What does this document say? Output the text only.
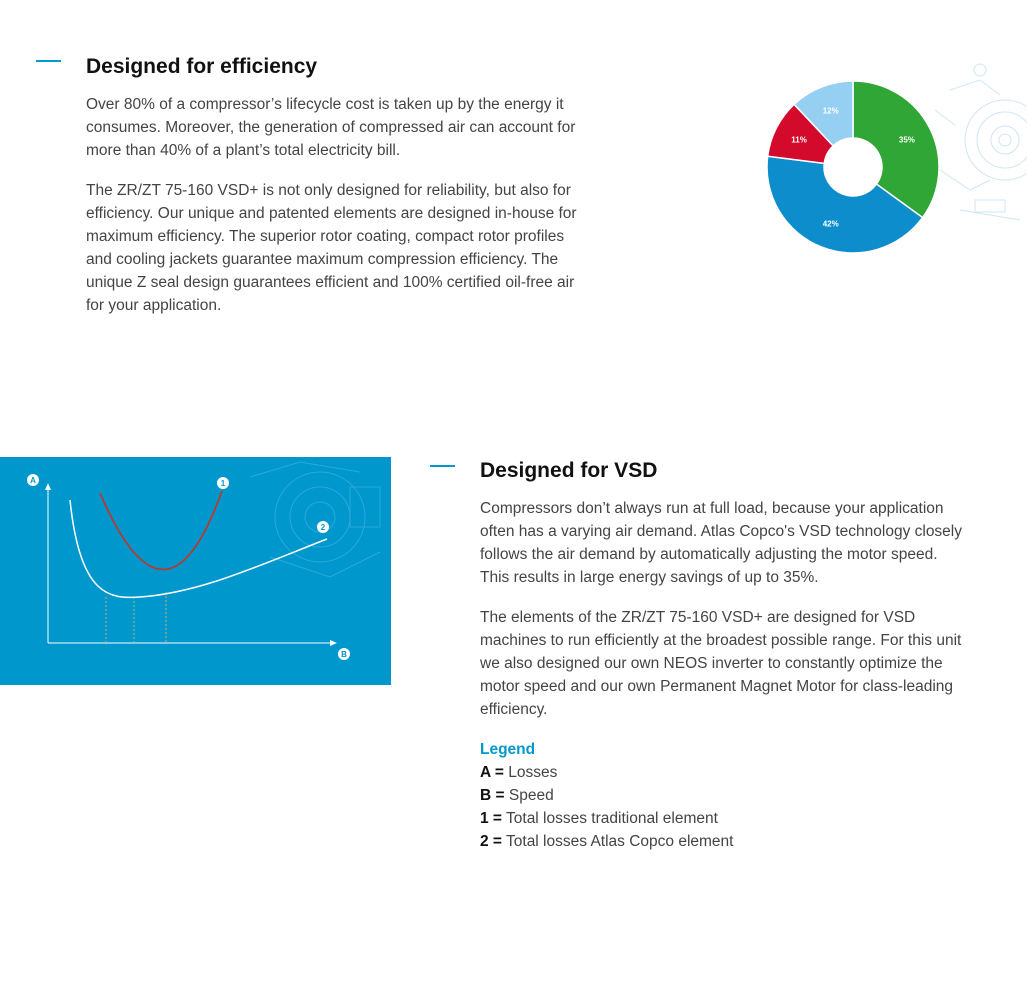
Designed for efficiency

Over 80% of a compressor’s lifecycle cost is taken up by the energy it consumes. Moreover, the generation of compressed air can account for more than 40% of a plant’s total electricity bill.

The ZR/ZT 75-160 VSD+ is not only designed for reliability, but also for efficiency. Our unique and patented elements are designed in-house for maximum efficiency. The superior rotor coating, compact rotor profiles and cooling jackets guarantee maximum compression efficiency. The unique Z seal design guarantees efficient and 100% certified oil-free air for your application.

35%
42%
11%
12%
A	1
2
B
Designed for VSD

Compressors don’t always run at full load, because your application often has a varying air demand. Atlas Copco's VSD technology closely follows the air demand by automatically adjusting the motor speed. This results in large energy savings of up to 35%.

The elements of the ZR/ZT 75-160 VSD+ are designed for VSD machines to run efficiently at the broadest possible range. For this unit we also designed our own NEOS inverter to constantly optimize the motor speed and our own Permanent Magnet Motor for class-leading efficiency.

Legend
A = Losses
B = Speed
1 = Total losses traditional element
2 = Total losses Atlas Copco element
